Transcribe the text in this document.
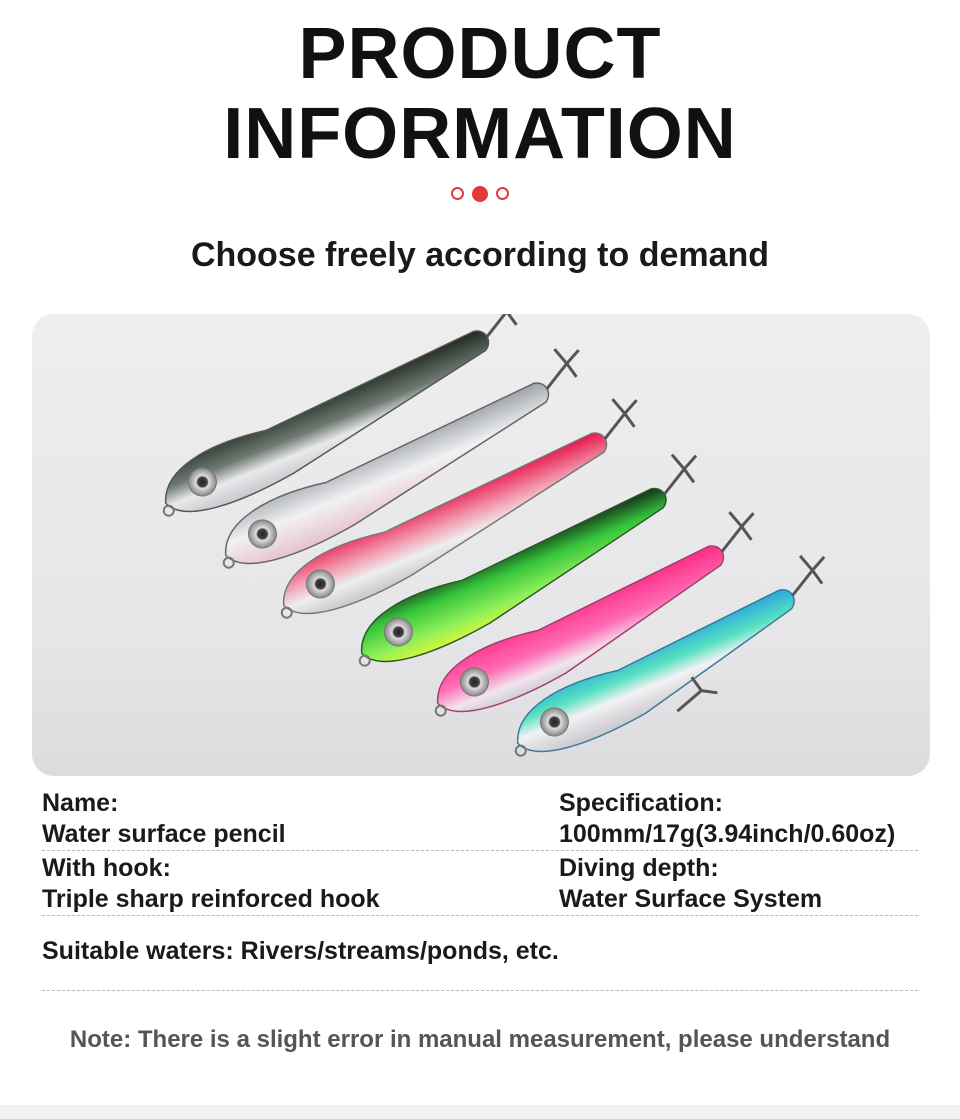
PRODUCT
INFORMATION
Choose freely according to demand
Name:
Water surface pencil
Specification:
100mm/17g(3.94inch/0.60oz)
With hook:
Triple sharp reinforced hook
Diving depth:
Water Surface System
Suitable waters: Rivers/streams/ponds, etc.
Note: There is a slight error in manual measurement, please understand
